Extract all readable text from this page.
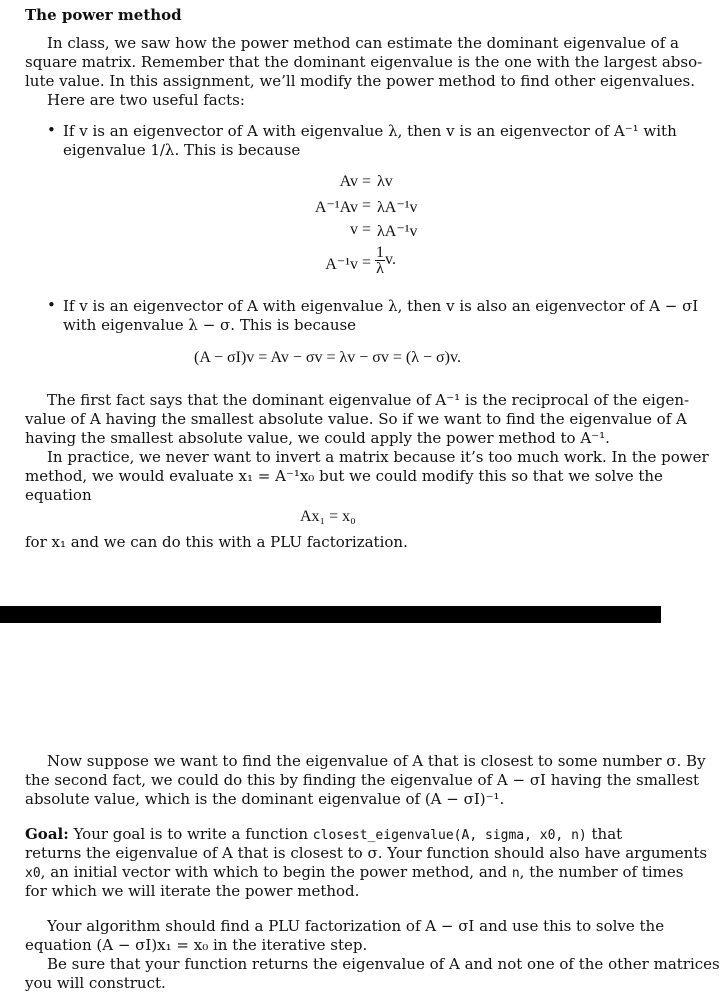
The power method
In class, we saw how the power method can estimate the dominant eigenvalue of a
square matrix. Remember that the dominant eigenvalue is the one with the largest abso-
lute value. In this assignment, we’ll modify the power method to find other eigenvalues.
Here are two useful facts:
• If v is an eigenvector of A with eigenvalue λ, then v is an eigenvector of A⁻¹ with
eigenvalue 1/λ. This is because
Av = λv
A⁻¹Av = λA⁻¹v
v = λA⁻¹v
$A^{-1}v = \frac{1}{\lambda} v$.
• If v is an eigenvector of A with eigenvalue λ, then v is also an eigenvector of A − σI
with eigenvalue λ − σ. This is because
(A − σI)v = Av − σv = λv − σv = (λ − σ)v.
The first fact says that the dominant eigenvalue of A⁻¹ is the reciprocal of the eigen-
value of A having the smallest absolute value. So if we want to find the eigenvalue of A
having the smallest absolute value, we could apply the power method to A⁻¹.
In practice, we never want to invert a matrix because it’s too much work. In the power
method, we would evaluate x₁ = A⁻¹x₀ but we could modify this so that we solve the
equation
Ax₁ = x₀
for x₁ and we can do this with a PLU factorization.
Now suppose we want to find the eigenvalue of A that is closest to some number σ. By
the second fact, we could do this by finding the eigenvalue of A − σI having the smallest
absolute value, which is the dominant eigenvalue of (A − σI)⁻¹.
Goal: Your goal is to write a function closest_eigenvalue(A, sigma, x0, n) that
returns the eigenvalue of A that is closest to σ. Your function should also have arguments
x0, an initial vector with which to begin the power method, and n, the number of times
for which we will iterate the power method.
Your algorithm should find a PLU factorization of A − σI and use this to solve the
equation (A − σI)x₁ = x₀ in the iterative step.
Be sure that your function returns the eigenvalue of A and not one of the other matrices
you will construct.
